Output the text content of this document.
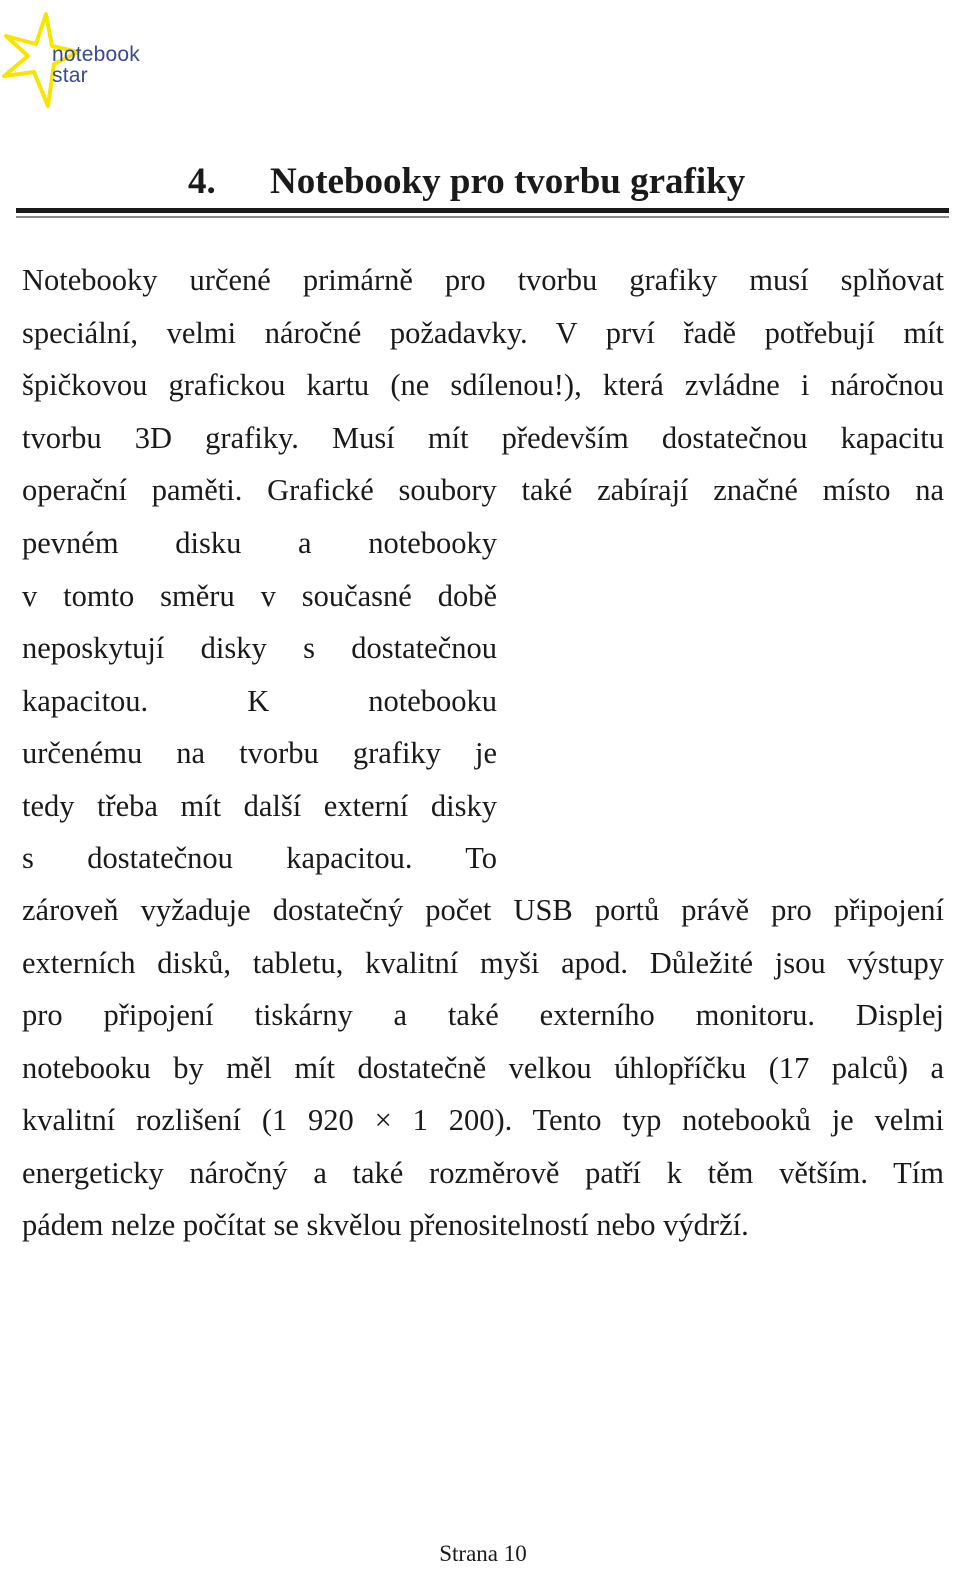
notebook
star
4. Notebooky pro tvorbu grafiky
Notebooky určené primárně pro tvorbu grafiky musí splňovat
speciální, velmi náročné požadavky. V prví řadě potřebují mít
špičkovou grafickou kartu (ne sdílenou!), která zvládne i náročnou
tvorbu 3D grafiky. Musí mít především dostatečnou kapacitu
operační paměti. Grafické soubory také zabírají značné místo na
pevném disku a notebooky
v tomto směru v současné době
neposkytují disky s dostatečnou
kapacitou. K notebooku
určenému na tvorbu grafiky je
tedy třeba mít další externí disky
s dostatečnou kapacitou. To
zároveň vyžaduje dostatečný počet USB portů právě pro připojení
externích disků, tabletu, kvalitní myši apod. Důležité jsou výstupy
pro připojení tiskárny a také externího monitoru. Displej
notebooku by měl mít dostatečně velkou úhlopříčku (17 palců) a
kvalitní rozlišení (1 920 × 1 200). Tento typ notebooků je velmi
energeticky náročný a také rozměrově patří k těm větším. Tím
pádem nelze počítat se skvělou přenositelností nebo výdrží.
Strana 10
